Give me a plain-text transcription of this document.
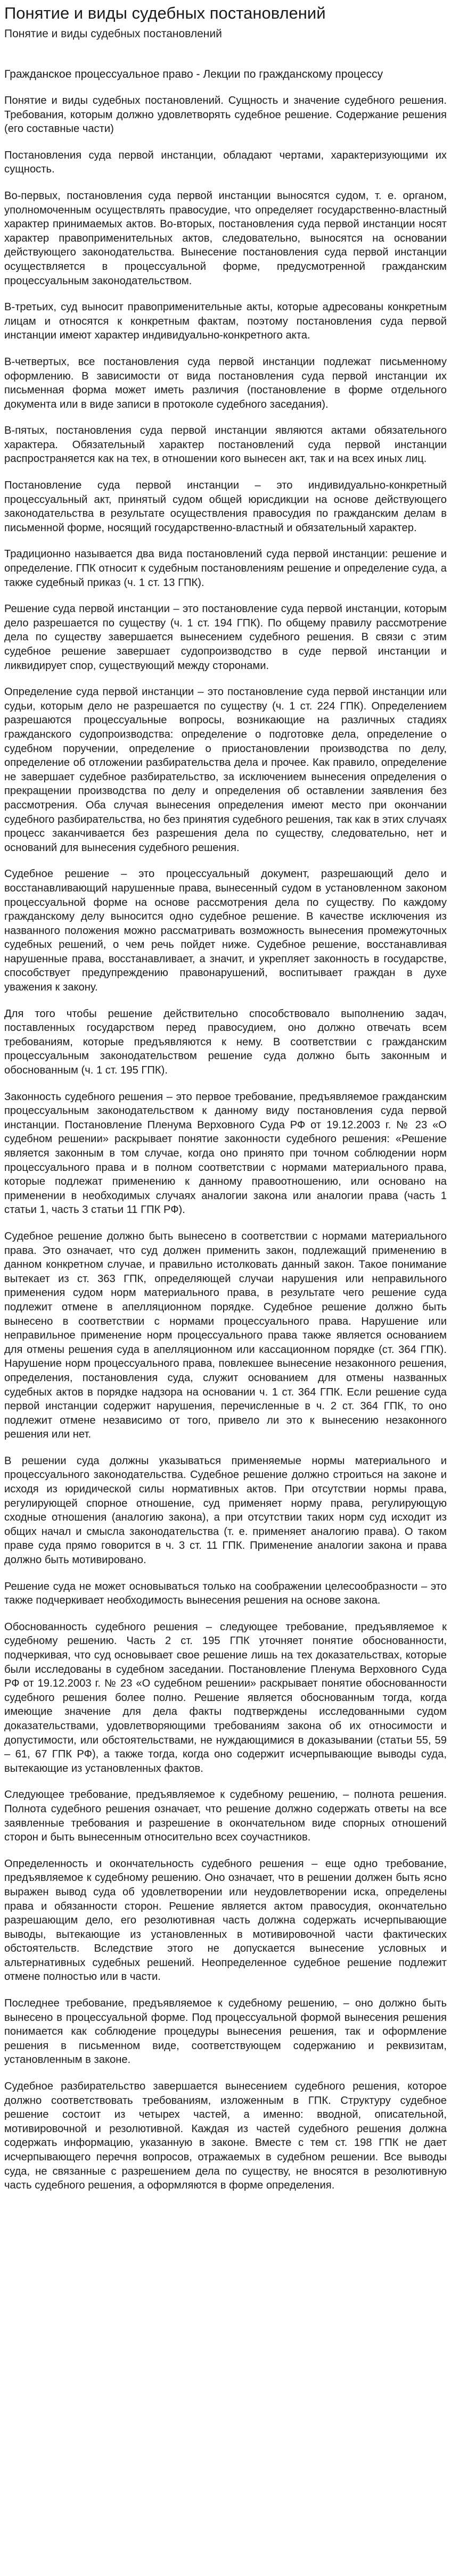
Понятие и виды судебных постановлений
Понятие и виды судебных постановлений
Гражданское процессуальное право - Лекции по гражданскому процессу

Понятие и виды судебных постановлений. Сущность и значение судебного решения. Требования, которым должно удовлетворять судебное решение. Содержание решения (его составные части)

Постановления суда первой инстанции, обладают чертами, характеризующими их сущность.

Во-первых, постановления суда первой инстанции выносятся судом, т. е. органом, уполномоченным осуществлять правосудие, что определяет государственно-властный характер принимаемых актов. Во-вторых, постановления суда первой инстанции носят характер правоприменительных актов, следовательно, выносятся на основании действующего законодательства. Вынесение постановления суда первой инстанции осуществляется в процессуальной форме, предусмотренной гражданским процессуальным законодательством.

В-третьих, суд выносит правоприменительные акты, которые адресованы конкретным лицам и относятся к конкретным фактам, поэтому постановления суда первой инстанции имеют характер индивидуально-конкретного акта.

В-четвертых, все постановления суда первой инстанции подлежат письменному оформлению. В зависимости от вида постановления суда первой инстанции их письменная форма может иметь различия (постановление в форме отдельного документа или в виде записи в протоколе судебного заседания).

В-пятых, постановления суда первой инстанции являются актами обязательного характера. Обязательный характер постановлений суда первой инстанции распространяется как на тех, в отношении кого вынесен акт, так и на всех иных лиц.

Постановление суда первой инстанции – это индивидуально-конкретный процессуальный акт, принятый судом общей юрисдикции на основе действующего законодательства в результате осуществления правосудия по гражданским делам в письменной форме, носящий государственно-властный и обязательный характер.

Традиционно называется два вида постановлений суда первой инстанции: решение и определение. ГПК относит к судебным постановлениям решение и определение суда, а также судебный приказ (ч. 1 ст. 13 ГПК).

Решение суда первой инстанции – это постановление суда первой инстанции, которым дело разрешается по существу (ч. 1 ст. 194 ГПК). По общему правилу рассмотрение дела по существу завершается вынесением судебного решения. В связи с этим судебное решение завершает судопроизводство в суде первой инстанции и ликвидирует спор, существующий между сторонами.

Определение суда первой инстанции – это постановление суда первой инстанции или судьи, которым дело не разрешается по существу (ч. 1 ст. 224 ГПК). Определением разрешаются процессуальные вопросы, возникающие на различных стадиях гражданского судопроизводства: определение о подготовке дела, определение о судебном поручении, определение о приостановлении производства по делу, определение об отложении разбирательства дела и прочее. Как правило, определение не завершает судебное разбирательство, за исключением вынесения определения о прекращении производства по делу и определения об оставлении заявления без рассмотрения. Оба случая вынесения определения имеют место при окончании судебного разбирательства, но без принятия судебного решения, так как в этих случаях процесс заканчивается без разрешения дела по существу, следовательно, нет и оснований для вынесения судебного решения.

Судебное решение – это процессуальный документ, разрешающий дело и восстанавливающий нарушенные права, вынесенный судом в установленном законом процессуальной форме на основе рассмотрения дела по существу. По каждому гражданскому делу выносится одно судебное решение. В качестве исключения из названного положения можно рассматривать возможность вынесения промежуточных судебных решений, о чем речь пойдет ниже. Судебное решение, восстанавливая нарушенные права, восстанавливает, а значит, и укрепляет законность в государстве, способствует предупреждению правонарушений, воспитывает граждан в духе уважения к закону.

Для того чтобы решение действительно способствовало выполнению задач, поставленных государством перед правосудием, оно должно отвечать всем требованиям, которые предъявляются к нему. В соответствии с гражданским процессуальным законодательством решение суда должно быть законным и обоснованным (ч. 1 ст. 195 ГПК).

Законность судебного решения – это первое требование, предъявляемое гражданским процессуальным законодательством к данному виду постановления суда первой инстанции. Постановление Пленума Верховного Суда РФ от 19.12.2003 г. № 23 «О судебном решении» раскрывает понятие законности судебного решения: «Решение является законным в том случае, когда оно принято при точном соблюдении норм процессуального права и в полном соответствии с нормами материального права, которые подлежат применению к данному правоотношению, или основано на применении в необходимых случаях аналогии закона или аналогии права (часть 1 статьи 1, часть 3 статьи 11 ГПК РФ).

Судебное решение должно быть вынесено в соответствии с нормами материального права. Это означает, что суд должен применить закон, подлежащий применению в данном конкретном случае, и правильно истолковать данный закон. Такое понимание вытекает из ст. 363 ГПК, определяющей случаи нарушения или неправильного применения судом норм материального права, в результате чего решение суда подлежит отмене в апелляционном порядке. Судебное решение должно быть вынесено в соответствии с нормами процессуального права. Нарушение или неправильное применение норм процессуального права также является основанием для отмены решения суда в апелляционном или кассационном порядке (ст. 364 ГПК). Нарушение норм процессуального права, повлекшее вынесение незаконного решения, определения, постановления суда, служит основанием для отмены названных судебных актов в порядке надзора на основании ч. 1 ст. 364 ГПК. Если решение суда первой инстанции содержит нарушения, перечисленные в ч. 2 ст. 364 ГПК, то оно подлежит отмене независимо от того, привело ли это к вынесению незаконного решения или нет.

В решении суда должны указываться применяемые нормы материального и процессуального законодательства. Судебное решение должно строиться на законе и исходя из юридической силы нормативных актов. При отсутствии нормы права, регулирующей спорное отношение, суд применяет норму права, регулирующую сходные отношения (аналогию закона), а при отсутствии таких норм суд исходит из общих начал и смысла законодательства (т. е. применяет аналогию права). О таком праве суда прямо говорится в ч. 3 ст. 11 ГПК. Применение аналогии закона и права должно быть мотивировано.

Решение суда не может основываться только на соображении целесообразности – это также подчеркивает необходимость вынесения решения на основе закона.

Обоснованность судебного решения – следующее требование, предъявляемое к судебному решению. Часть 2 ст. 195 ГПК уточняет понятие обоснованности, подчеркивая, что суд основывает свое решение лишь на тех доказательствах, которые были исследованы в судебном заседании. Постановление Пленума Верховного Суда РФ от 19.12.2003 г. № 23 «О судебном решении» раскрывает понятие обоснованности судебного решения более полно. Решение является обоснованным тогда, когда имеющие значение для дела факты подтверждены исследованными судом доказательствами, удовлетворяющими требованиям закона об их относимости и допустимости, или обстоятельствами, не нуждающимися в доказывании (статьи 55, 59 – 61, 67 ГПК РФ), а также тогда, когда оно содержит исчерпывающие выводы суда, вытекающие из установленных фактов.

Следующее требование, предъявляемое к судебному решению, – полнота решения. Полнота судебного решения означает, что решение должно содержать ответы на все заявленные требования и разрешение в окончательном виде спорных отношений сторон и быть вынесенным относительно всех соучастников.

Определенность и окончательность судебного решения – еще одно требование, предъявляемое к судебному решению. Оно означает, что в решении должен быть ясно выражен вывод суда об удовлетворении или неудовлетворении иска, определены права и обязанности сторон. Решение является актом правосудия, окончательно разрешающим дело, его резолютивная часть должна содержать исчерпывающие выводы, вытекающие из установленных в мотивировочной части фактических обстоятельств. Вследствие этого не допускается вынесение условных и альтернативных судебных решений. Неопределенное судебное решение подлежит отмене полностью или в части.

Последнее требование, предъявляемое к судебному решению, – оно должно быть вынесено в процессуальной форме. Под процессуальной формой вынесения решения понимается как соблюдение процедуры вынесения решения, так и оформление решения в письменном виде, соответствующем содержанию и реквизитам, установленным в законе.

Судебное разбирательство завершается вынесением судебного решения, которое должно соответствовать требованиям, изложенным в ГПК. Структуру судебное решение состоит из четырех частей, а именно: вводной, описательной, мотивировочной и резолютивной. Каждая из частей судебного решения должна содержать информацию, указанную в законе. Вместе с тем ст. 198 ГПК не дает исчерпывающего перечня вопросов, отражаемых в судебном решении. Все выводы суда, не связанные с разрешением дела по существу, не вносятся в резолютивную часть судебного решения, а оформляются в форме определения.
